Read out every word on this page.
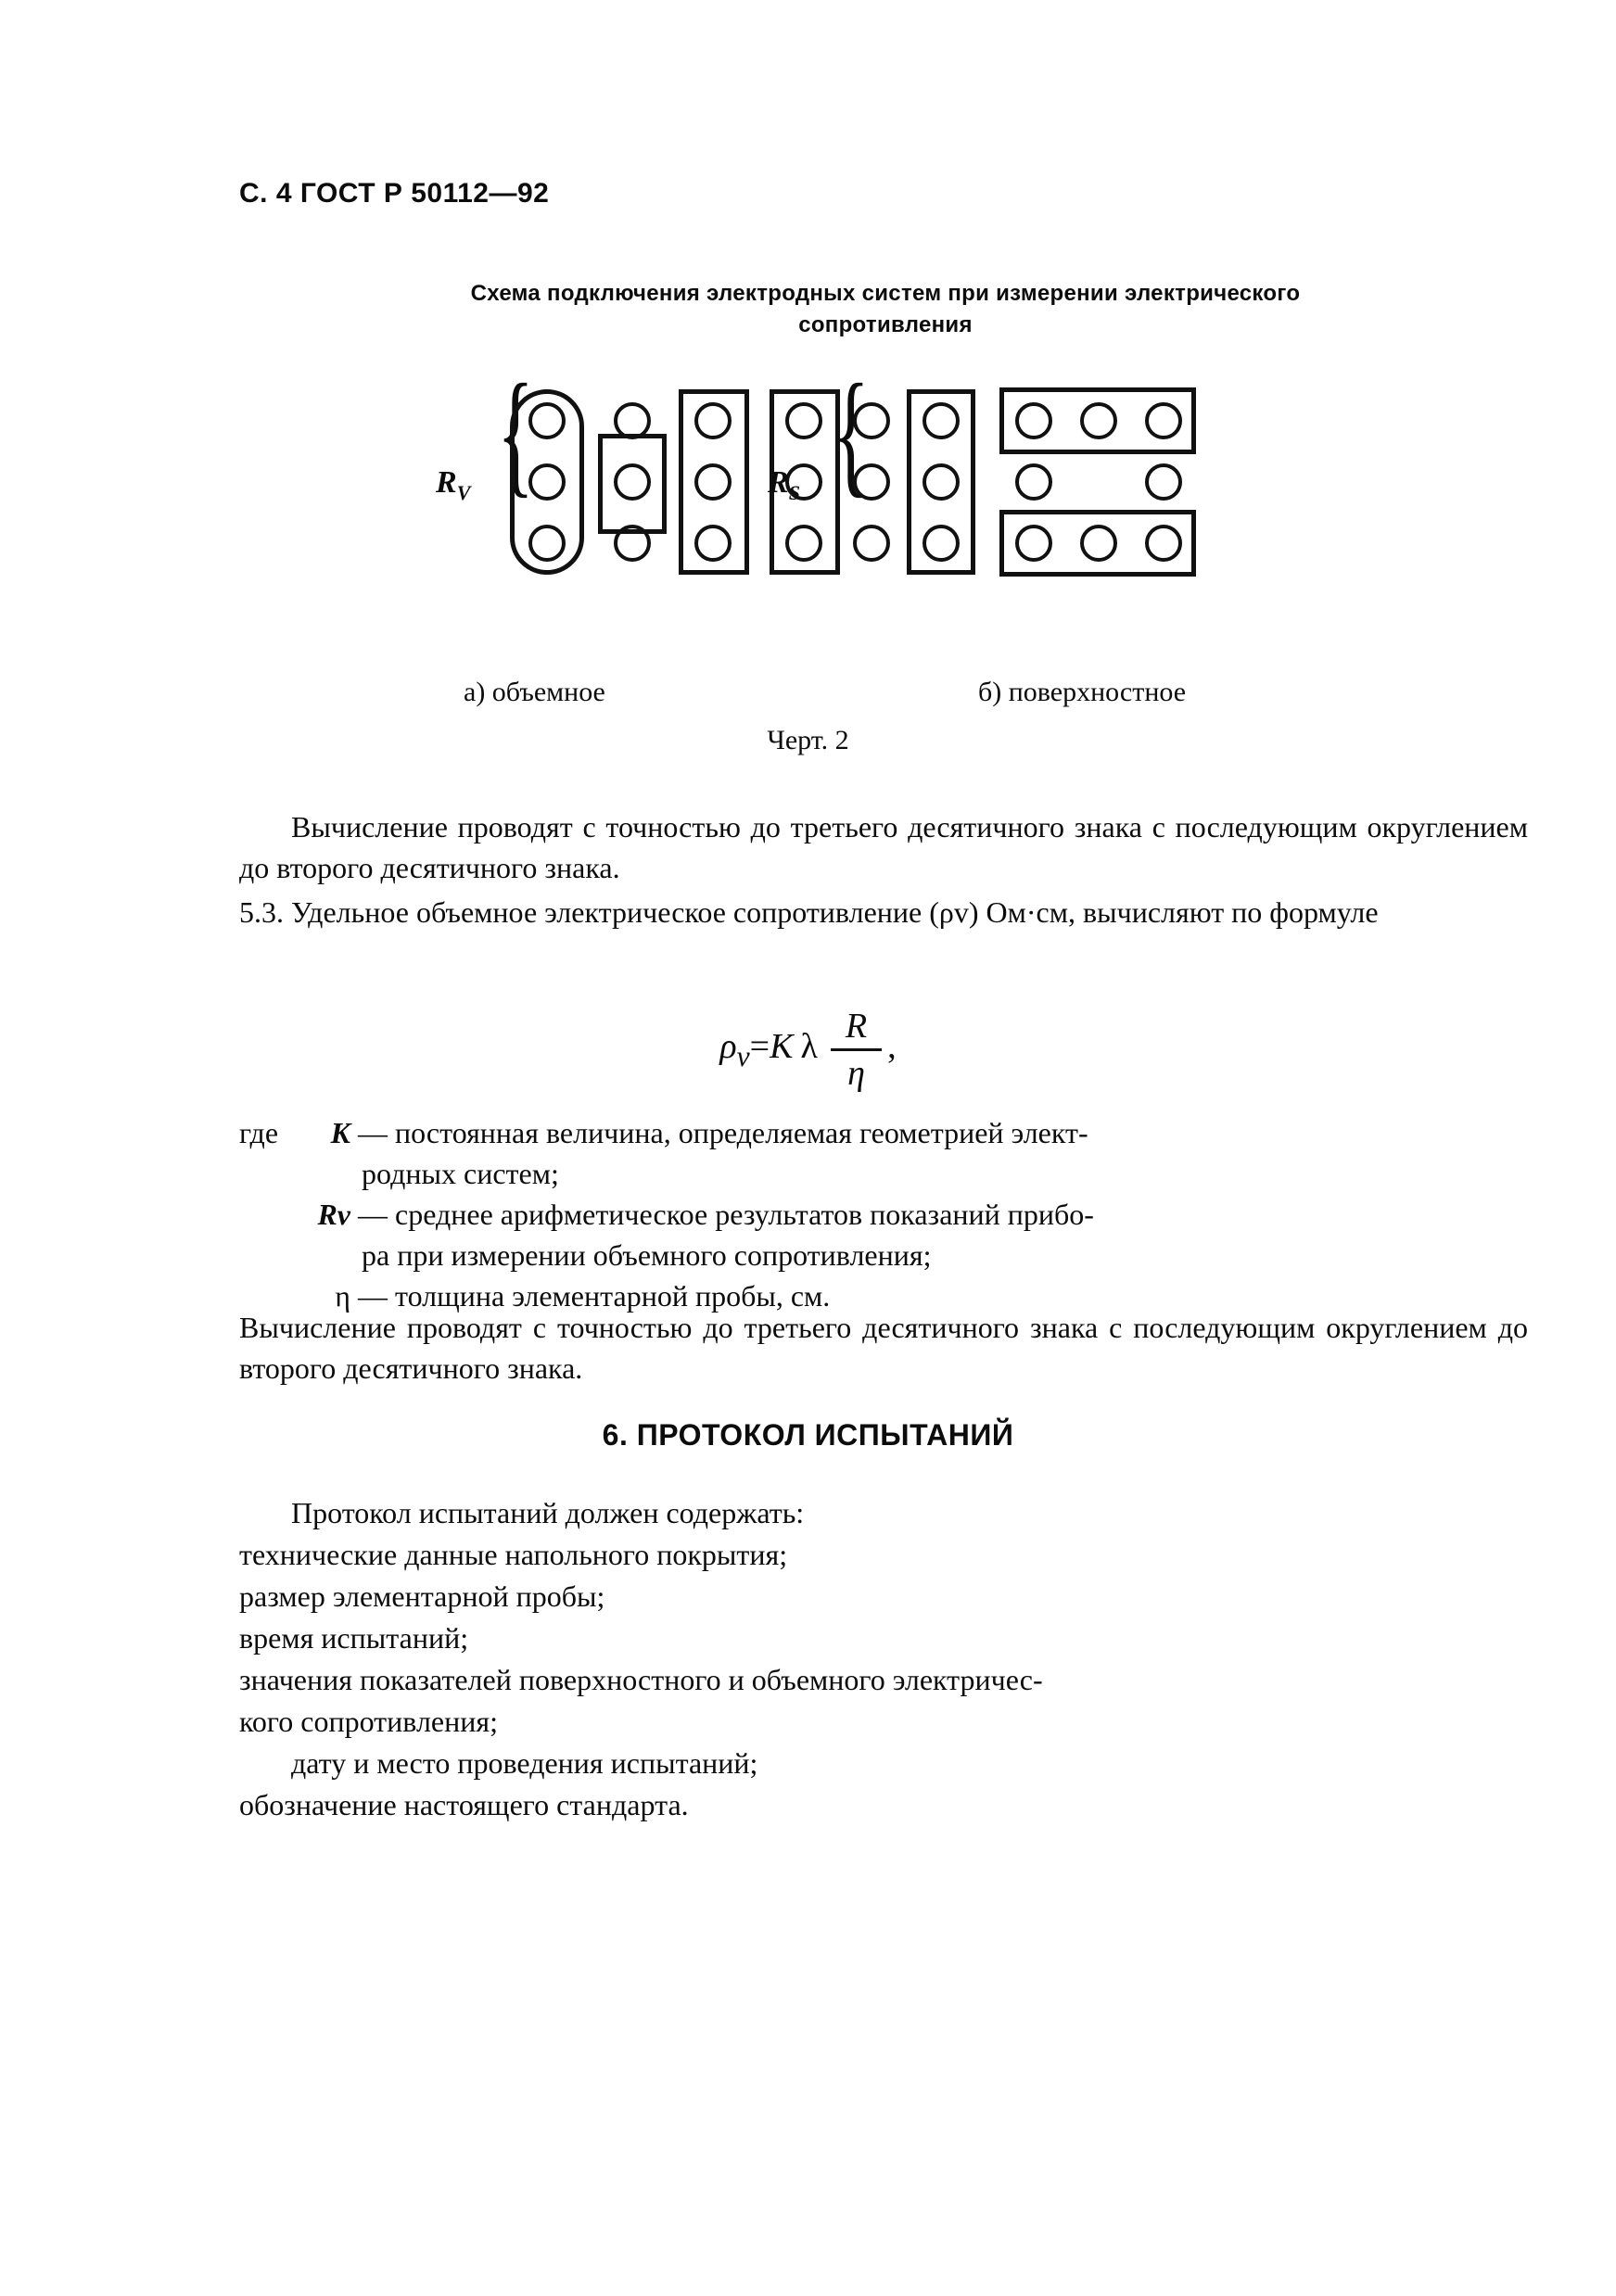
С. 4 ГОСТ Р 50112—92
Схема подключения электродных систем при измерении электрического
сопротивления
{
$R_V$	{
$R_S$
а) объемное	б) поверхностное
Черт. 2
Вычисление проводят с точностью до третьего десятичного знака с последующим округлением до второго десятичного знака.
5.3. Удельное объемное электрическое сопротивление (ρv) Ом·см, вычисляют по формуле
$\rho_v=K$ λ $\frac{R}{\eta}$ ,
где K — постоянная величина, определяемая геометрией элект-
родных систем;
Rv — среднее арифметическое результатов показаний прибо-
ра при измерении объемного сопротивления;
η — толщина элементарной пробы, см.
Вычисление проводят с точностью до третьего десятичного знака с последующим округлением до второго десятичного знака.
6. ПРОТОКОЛ ИСПЫТАНИЙ
Протокол испытаний должен содержать:
технические данные напольного покрытия;
размер элементарной пробы;
время испытаний;
значения показателей поверхностного и объемного электричес-
кого сопротивления;
дату и место проведения испытаний;
обозначение настоящего стандарта.
